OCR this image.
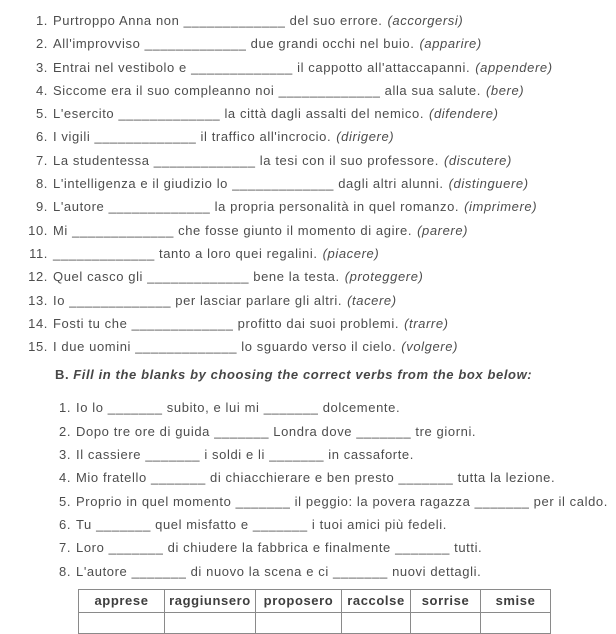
1. Purtroppo Anna non _____________ del suo errore. (accorgersi)
2. All'improvviso _____________ due grandi occhi nel buio. (apparire)
3. Entrai nel vestibolo e _____________ il cappotto all'attaccapanni. (appendere)
4. Siccome era il suo compleanno noi _____________ alla sua salute. (bere)
5. L'esercito _____________ la città dagli assalti del nemico. (difendere)
6. I vigili _____________ il traffico all'incrocio. (dirigere)
7. La studentessa _____________ la tesi con il suo professore. (discutere)
8. L'intelligenza e il giudizio lo _____________ dagli altri alunni. (distinguere)
9. L'autore _____________ la propria personalità in quel romanzo. (imprimere)
10. Mi _____________ che fosse giunto il momento di agire. (parere)
11. _____________ tanto a loro quei regalini. (piacere)
12. Quel casco gli _____________ bene la testa. (proteggere)
13. Io _____________ per lasciar parlare gli altri. (tacere)
14. Fosti tu che _____________ profitto dai suoi problemi. (trarre)
15. I due uomini _____________ lo sguardo verso il cielo. (volgere)
B. Fill in the blanks by choosing the correct verbs from the box below:
1. Io lo _______ subito, e lui mi _______ dolcemente.
2. Dopo tre ore di guida _______ Londra dove _______ tre giorni.
3. Il cassiere _______ i soldi e li _______ in cassaforte.
4. Mio fratello _______ di chiacchierare e ben presto _______ tutta la lezione.
5. Proprio in quel momento _______ il peggio: la povera ragazza _______ per il caldo.
6. Tu _______ quel misfatto e _______ i tuoi amici più fedeli.
7. Loro _______ di chiudere la fabbrica e finalmente _______ tutti.
8. L'autore _______ di nuovo la scena e ci _______ nuovi dettagli.
apprese	raggiunsero	proposero	raccolse	sorrise	smise
